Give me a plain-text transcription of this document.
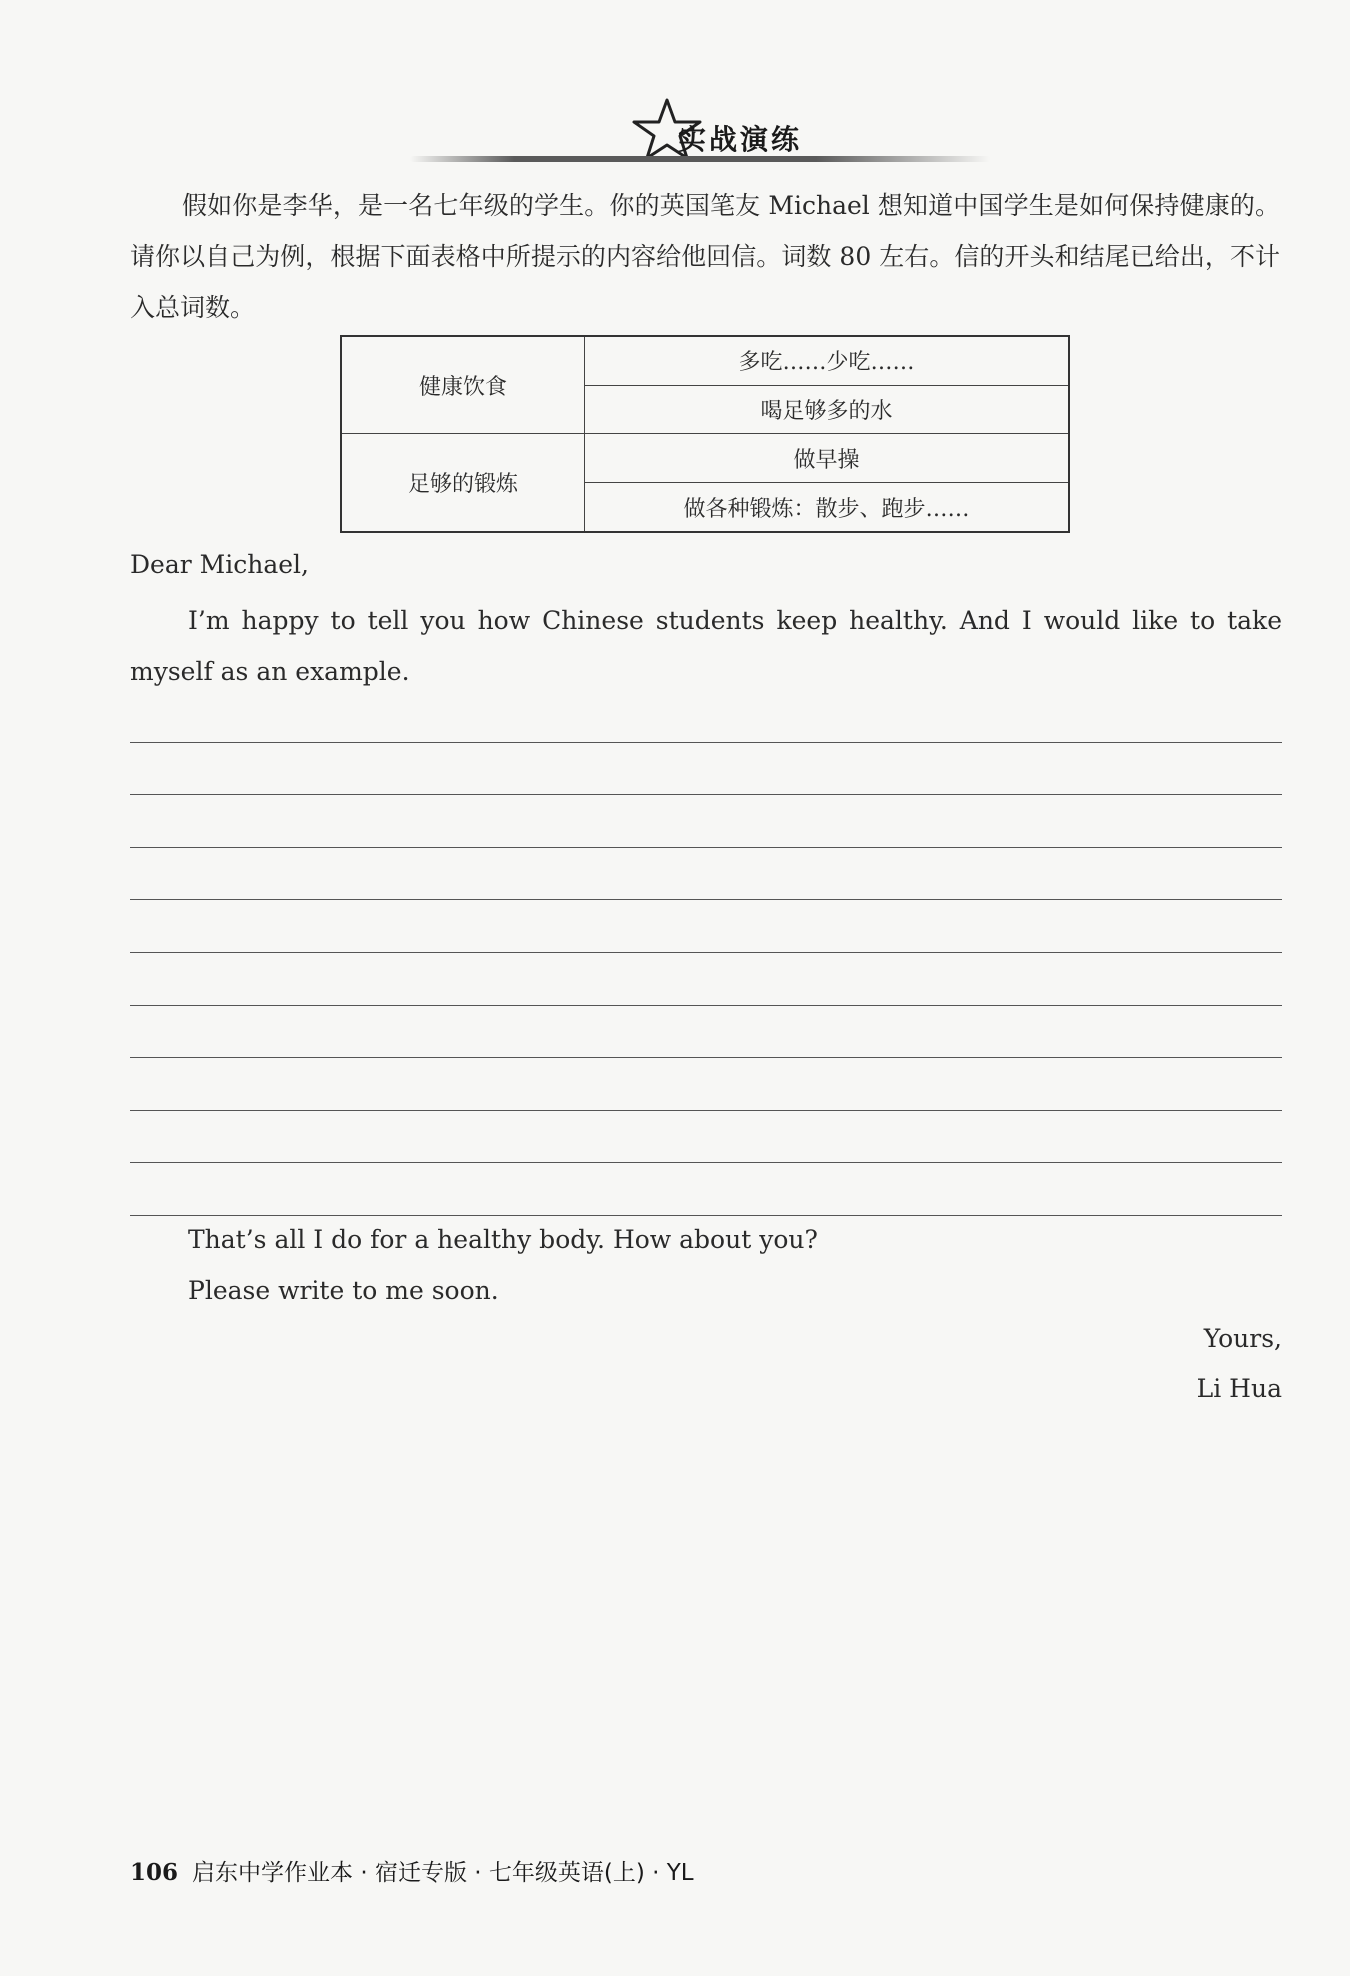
实战演练

假如你是李华，是一名七年级的学生。你的英国笔友 Michael 想知道中国学生是如何保持健康的。请你以自己为例，根据下面表格中所提示的内容给他回信。词数 80 左右。信的开头和结尾已给出，不计入总词数。

健康饮食	多吃……少吃……
	喝足够多的水
足够的锻炼	做早操
	做各种锻炼：散步、跑步……

Dear Michael,

I’m happy to tell you how Chinese students keep healthy. And I would like to take myself as an example.

That’s all I do for a healthy body. How about you?

Please write to me soon.

Yours,

Li Hua

106 启东中学作业本 · 宿迁专版 · 七年级英语(上) · YL
